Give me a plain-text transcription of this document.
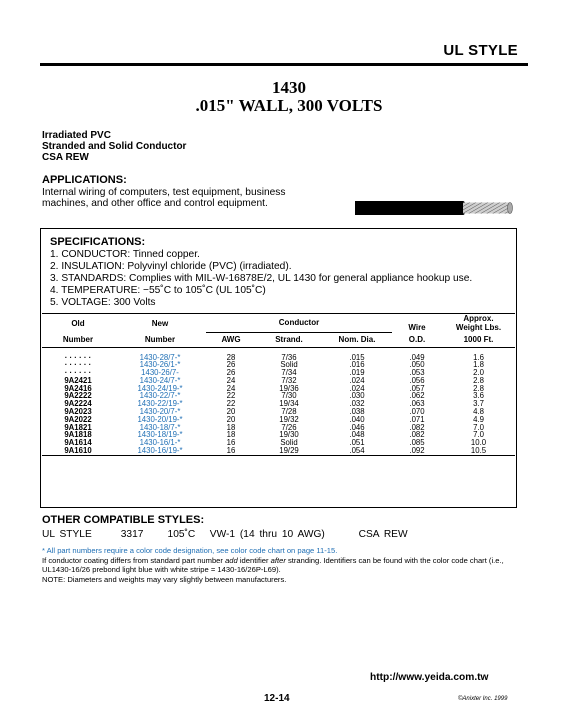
UL STYLE
1430
.015" WALL, 300 VOLTS
Irradiated PVC
Stranded and Solid Conductor
CSA REW
APPLICATIONS:
Internal wiring of computers, test equipment, business machines, and other office and control equipment.
SPECIFICATIONS:
1. CONDUCTOR: Tinned copper.
2. INSULATION: Polyvinyl chloride (PVC) (irradiated).
3. STANDARDS: Complies with MIL-W-16878E/2, UL 1430 for general appliance hookup use.
4. TEMPERATURE: −55˚C to 105˚C (UL 105˚C)
5. VOLTAGE: 300 Volts
Old	New	Conductor			Wire	Approx.
Weight Lbs.
Number	Number	AWG	Strand.	Nom. Dia.	O.D.	1000 Ft.

· · · · · ·	1430-28/7-*	28	7/36	.015	.049	1.6
· · · · · ·	1430-26/1-*	26	Solid	.016	.050	1.8
· · · · · ·	1430-26/7-	26	7/34	.019	.053	2.0
9A2421	1430-24/7-*	24	7/32	.024	.056	2.8
9A2416	1430-24/19-*	24	19/36	.024	.057	2.8
9A2222	1430-22/7-*	22	7/30	.030	.062	3.6
9A2224	1430-22/19-*	22	19/34	.032	.063	3.7
9A2023	1430-20/7-*	20	7/28	.038	.070	4.8
9A2022	1430-20/19-*	20	19/32	.040	.071	4.9
9A1821	1430-18/7-*	18	7/26	.046	.082	7.0
9A1818	1430-18/19-*	18	19/30	.048	.082	7.0
9A1614	1430-16/1-*	16	Solid	.051	.085	10.0
9A1610	1430-16/19-*	16	19/29	.054	.092	10.5

OTHER COMPATIBLE STYLES:
UL STYLE      3317     105˚C   VW-1 (14 thru 10 AWG)       CSA REW
* All part numbers require a color code designation, see color code chart on page 11-15.
If conductor coating differs from standard part number add identifier after stranding. Identifiers can be found with the color code chart (i.e., UL1430-16/26 prebond light blue with white stripe = 1430-16/26P-L69).
NOTE: Diameters and weights may vary slightly between manufacturers.
http://www.yeida.com.tw
12-14	©Anixter Inc. 1999
